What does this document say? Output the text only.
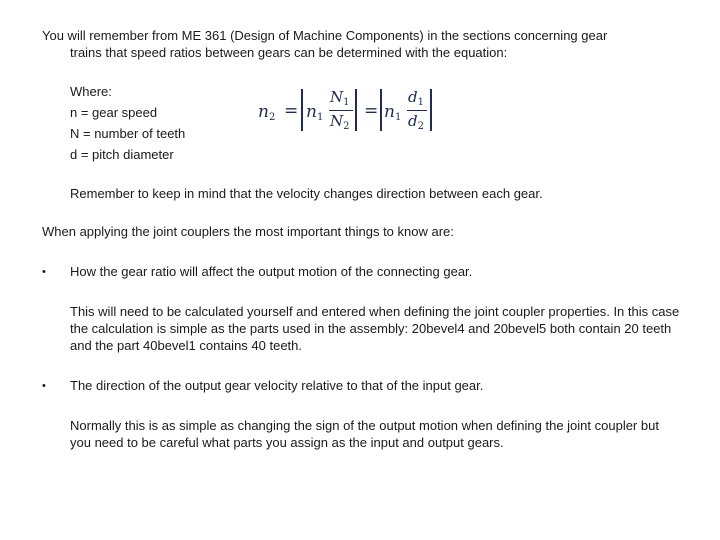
You will remember from ME 361 (Design of Machine Components) in the sections concerning gear
trains that speed ratios between gears can be determined with the equation:
Where:
n = gear speed
N = number of teeth
d = pitch diameter
$n_2 = n_1$
$N_1$
$N_2$
= $n_1$
$d_1$
$d_2$
Remember to keep in mind that the velocity changes direction between each gear.
When applying the joint couplers the most important things to know are:
• How the gear ratio will affect the output motion of the connecting gear.
This will need to be calculated yourself and entered when defining the joint coupler properties. In this case the calculation is simple as the parts used in the assembly: 20bevel4 and 20bevel5 both contain 20 teeth and the part 40bevel1 contains 40 teeth.
• The direction of the output gear velocity relative to that of the input gear.
Normally this is as simple as changing the sign of the output motion when defining the joint coupler but you need to be careful what parts you assign as the input and output gears.
